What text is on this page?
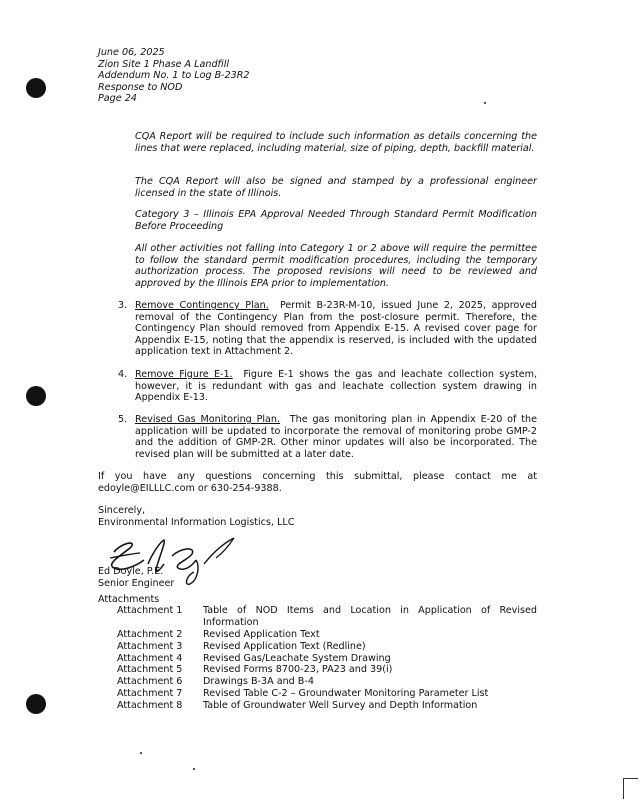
June 06, 2025
Zion Site 1 Phase A Landfill
Addendum No. 1 to Log B-23R2
Response to NOD
Page 24
CQA Report will be required to include such information as details concerning the lines that were replaced, including material, size of piping, depth, backfill material.
The CQA Report will also be signed and stamped by a professional engineer licensed in the state of Illinois.
Category 3 – Illinois EPA Approval Needed Through Standard Permit Modification Before Proceeding
All other activities not falling into Category 1 or 2 above will require the permittee to follow the standard permit modification procedures, including the temporary authorization process. The proposed revisions will need to be reviewed and approved by the Illinois EPA prior to implementation.
3. Remove Contingency Plan. Permit B-23R-M-10, issued June 2, 2025, approved removal of the Contingency Plan from the post-closure permit. Therefore, the Contingency Plan should removed from Appendix E-15. A revised cover page for Appendix E-15, noting that the appendix is reserved, is included with the updated application text in Attachment 2.
4. Remove Figure E-1. Figure E-1 shows the gas and leachate collection system, however, it is redundant with gas and leachate collection system drawing in Appendix E-13.
5. Revised Gas Monitoring Plan. The gas monitoring plan in Appendix E-20 of the application will be updated to incorporate the removal of monitoring probe GMP-2 and the addition of GMP-2R. Other minor updates will also be incorporated. The revised plan will be submitted at a later date.
If you have any questions concerning this submittal, please contact me at edoyle@EILLLC.com or 630-254-9388.
Sincerely,
Environmental Information Logistics, LLC
Ed Doyle, P.E.
Senior Engineer
Attachments
Attachment 1 Table of NOD Items and Location in Application of Revised Information
Attachment 2 Revised Application Text
Attachment 3 Revised Application Text (Redline)
Attachment 4 Revised Gas/Leachate System Drawing
Attachment 5 Revised Forms 8700-23, PA23 and 39(i)
Attachment 6 Drawings B-3A and B-4
Attachment 7 Revised Table C-2 – Groundwater Monitoring Parameter List
Attachment 8 Table of Groundwater Well Survey and Depth Information
